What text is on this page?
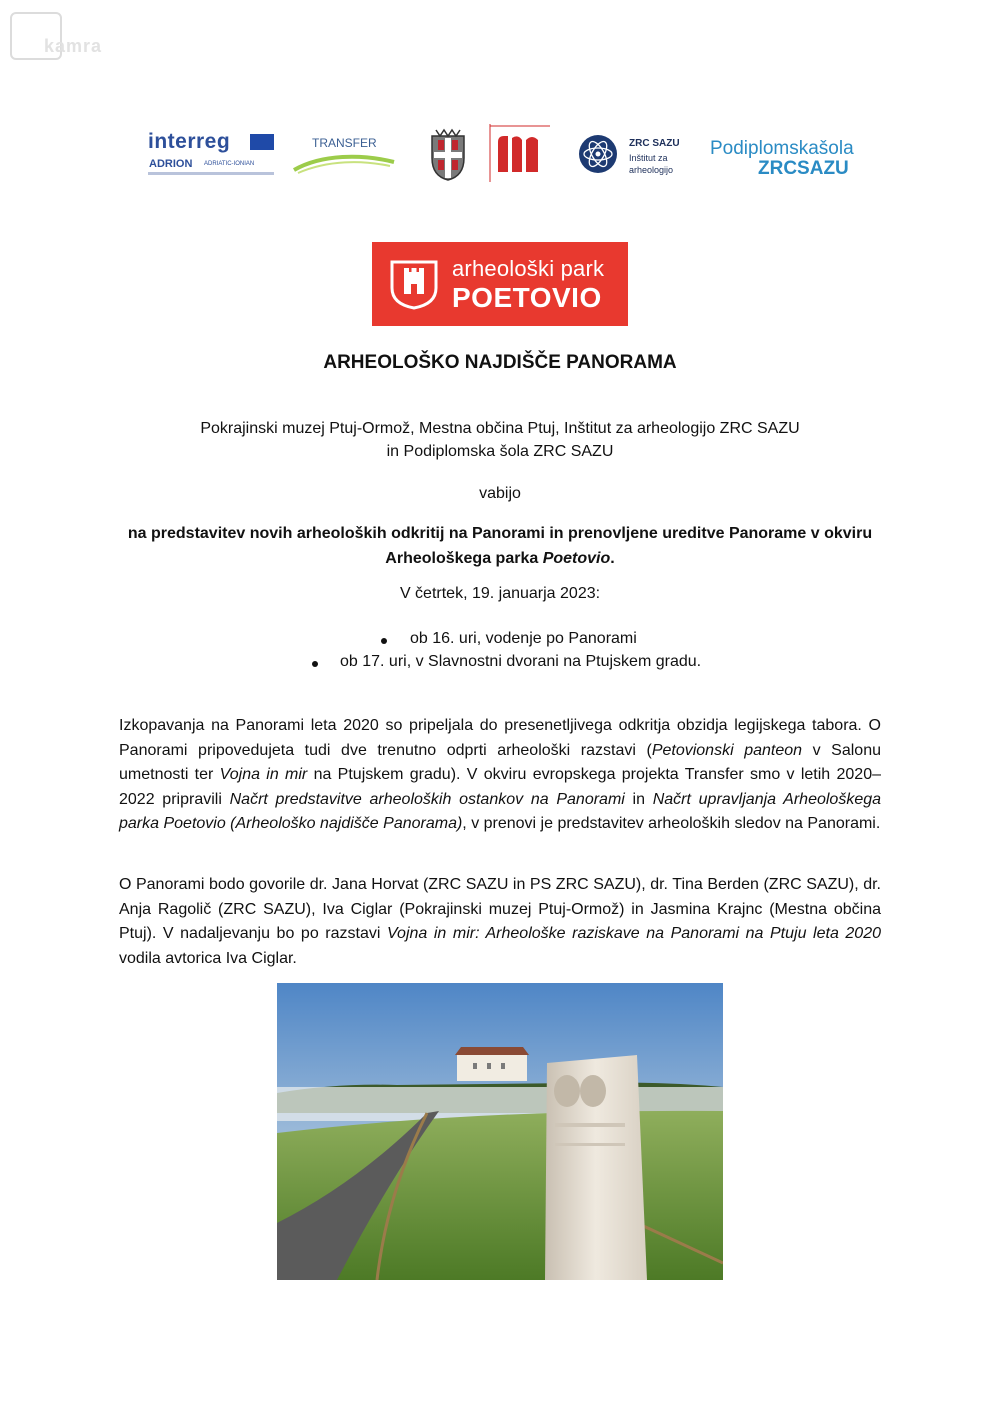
kamra
interreg
ADRION ADRIATIC-IONIAN
TRANSFER	ZRC SAZU
Inštitut za
arheologijo
Podiplomskašola
ZRCSAZU
arheološki park
POETOVIO
ARHEOLOŠKO NAJDIŠČE PANORAMA
Pokrajinski muzej Ptuj-Ormož, Mestna občina Ptuj, Inštitut za arheologijo ZRC SAZU
in Podiplomska šola ZRC SAZU
vabijo
na predstavitev novih arheoloških odkritij na Panorami in prenovljene ureditve Panorame v okviru
Arheološkega parka Poetovio.
V četrtek, 19. januarja 2023:
ob 16. uri, vodenje po Panorami
ob 17. uri, v Slavnostni dvorani na Ptujskem gradu.
Izkopavanja na Panorami leta 2020 so pripeljala do presenetljivega odkritja obzidja legijskega tabora. O Panorami pripovedujeta tudi dve trenutno odprti arheološki razstavi (Petovionski panteon v Salonu umetnosti ter Vojna in mir na Ptujskem gradu). V okviru evropskega projekta Transfer smo v letih 2020–2022 pripravili Načrt predstavitve arheoloških ostankov na Panorami in Načrt upravljanja Arheološkega parka Poetovio (Arheološko najdišče Panorama), v prenovi je predstavitev arheoloških sledov na Panorami.
O Panorami bodo govorile dr. Jana Horvat (ZRC SAZU in PS ZRC SAZU), dr. Tina Berden (ZRC SAZU), dr. Anja Ragolič (ZRC SAZU), Iva Ciglar (Pokrajinski muzej Ptuj-Ormož) in Jasmina Krajnc (Mestna občina Ptuj). V nadaljevanju bo po razstavi Vojna in mir: Arheološke raziskave na Panorami na Ptuju leta 2020 vodila avtorica Iva Ciglar.
